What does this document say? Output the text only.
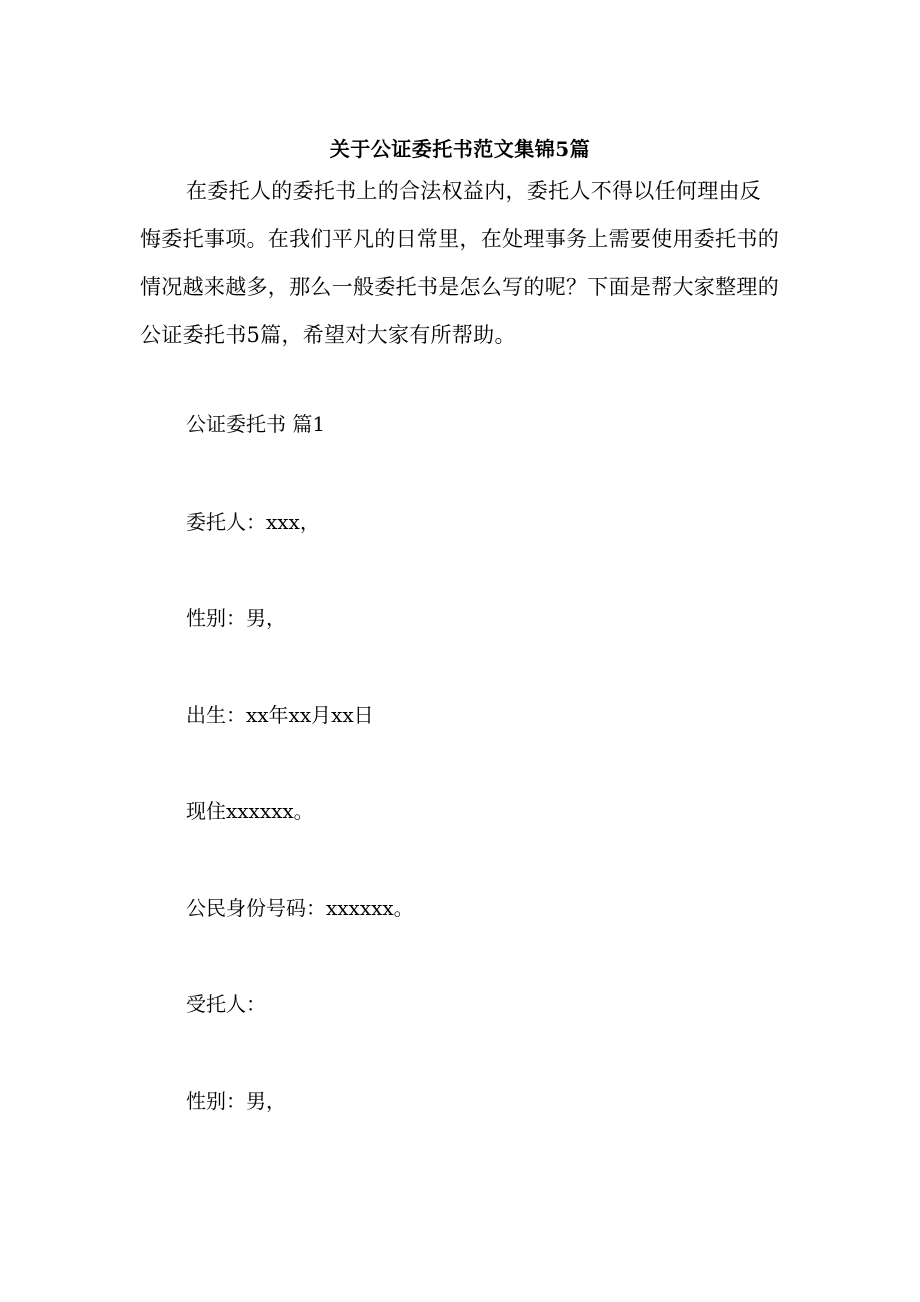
关于公证委托书范文集锦5篇

在委托人的委托书上的合法权益内，委托人不得以任何理由反悔委托事项。在我们平凡的日常里，在处理事务上需要使用委托书的情况越来越多，那么一般委托书是怎么写的呢？下面是帮大家整理的公证委托书5篇，希望对大家有所帮助。

公证委托书 篇1

委托人：xxx，

性别：男，

出生：xx年xx月xx日

现住xxxxxx。

公民身份号码：xxxxxx。

受托人：

性别：男，
